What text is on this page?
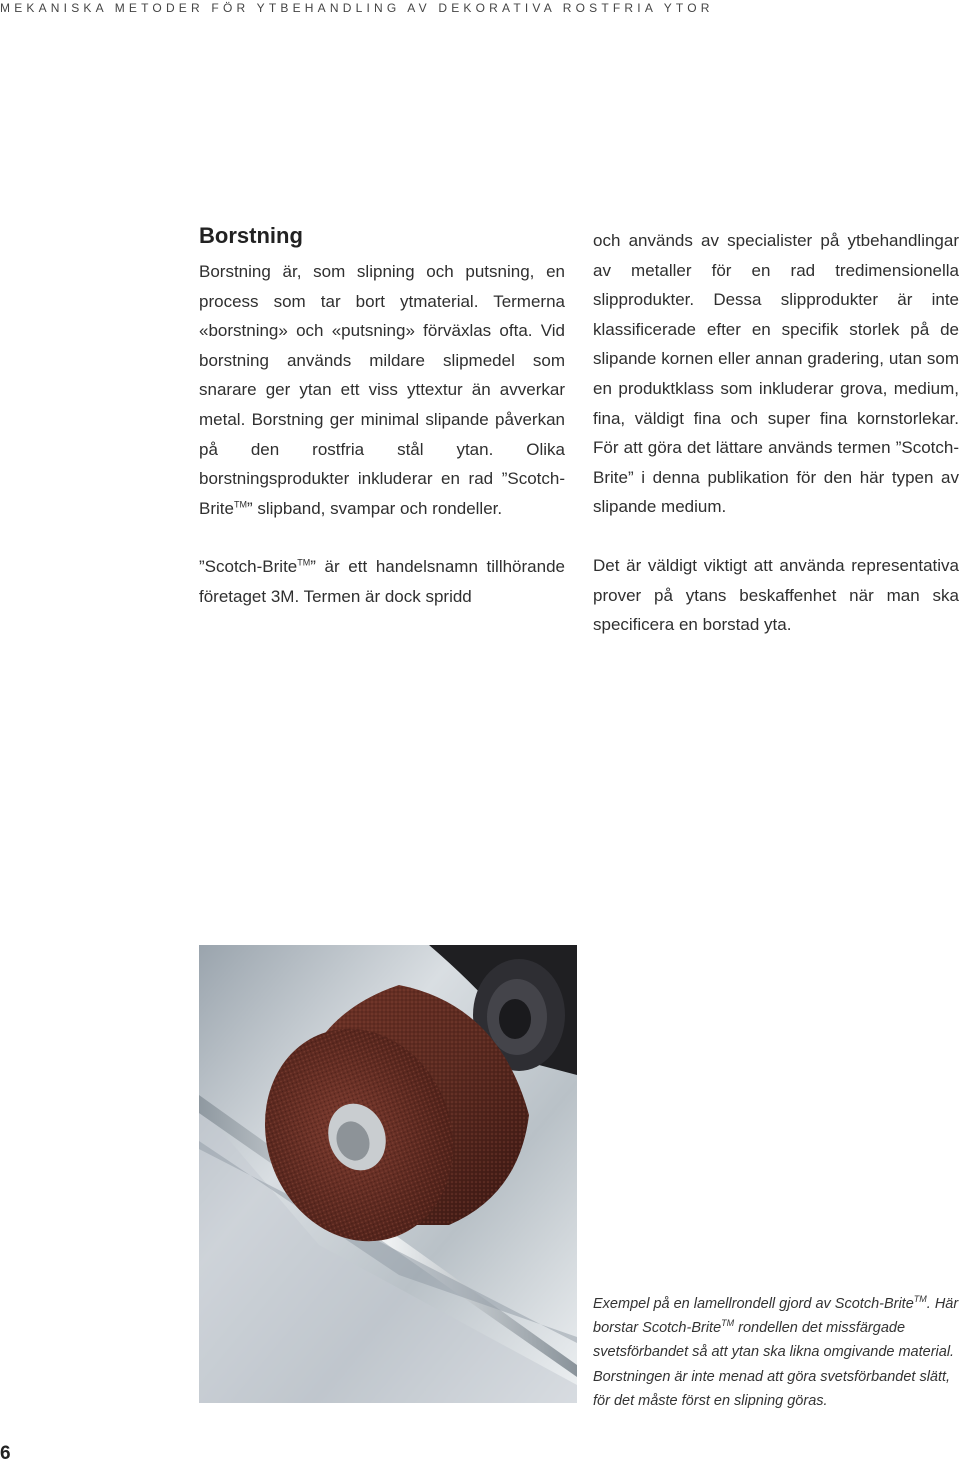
MEKANISKA METODER FÖR YTBEHANDLING AV DEKORATIVA ROSTFRIA YTOR
Borstning

Borstning är, som slipning och putsning, en process som tar bort ytmaterial. Termerna «borstning» och «putsning» förväxlas ofta. Vid borstning används mildare slipmedel som snarare ger ytan ett viss yttextur än avverkar metal. Borstning ger minimal slipande påverkan på den rostfria stål ytan. Olika borstningsprodukter inkluderar en rad ”Scotch-Brite™” slipband, svampar och rondeller.

”Scotch-Brite™” är ett handelsnamn tillhörande företaget 3M. Termen är dock spridd

och används av specialister på ytbehandlingar av metaller för en rad tredimensionella slipprodukter. Dessa slipprodukter är inte klassificerade efter en specifik storlek på de slipande kornen eller annan gradering, utan som en produktklass som inkluderar grova, medium, fina, väldigt fina och super fina kornstorlekar. För att göra det lättare används termen ”Scotch-Brite” i denna publikation för den här typen av slipande medium.

Det är väldigt viktigt att använda representativa prover på ytans beskaffenhet när man ska specificera en borstad yta.

Exempel på en lamellrondell gjord av Scotch-Brite™. Här borstar Scotch-Brite™ rondellen det missfärgade svetsförbandet så att ytan ska likna omgivande material. Borstningen är inte menad att göra svetsförbandet slätt, för det måste först en slipning göras.
6
